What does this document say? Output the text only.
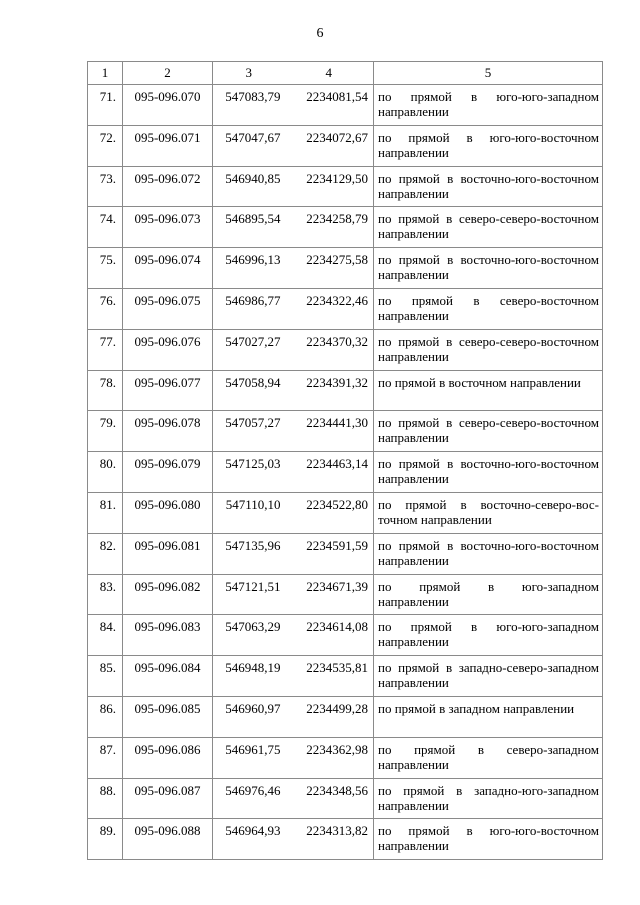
6
1	2	3	4	5
71.	095-096.070	547083,79	2234081,54	по прямой в юго-юго-западном направлении
72.	095-096.071	547047,67	2234072,67	по прямой в юго-юго-восточном направлении
73.	095-096.072	546940,85	2234129,50	по прямой в восточно-юго-восточном направлении
74.	095-096.073	546895,54	2234258,79	по прямой в северо-северо-восточном направлении
75.	095-096.074	546996,13	2234275,58	по прямой в восточно-юго-восточном направлении
76.	095-096.075	546986,77	2234322,46	по прямой в северо-восточном направлении
77.	095-096.076	547027,27	2234370,32	по прямой в северо-северо-восточном направлении
78.	095-096.077	547058,94	2234391,32	по прямой в восточном направлении
79.	095-096.078	547057,27	2234441,30	по прямой в северо-северо-восточном направлении
80.	095-096.079	547125,03	2234463,14	по прямой в восточно-юго-восточном направлении
81.	095-096.080	547110,10	2234522,80	по прямой в восточно-северо-восточном направлении
82.	095-096.081	547135,96	2234591,59	по прямой в восточно-юго-восточном направлении
83.	095-096.082	547121,51	2234671,39	по прямой в юго-западном направлении
84.	095-096.083	547063,29	2234614,08	по прямой в юго-юго-западном направлении
85.	095-096.084	546948,19	2234535,81	по прямой в западно-северо-западном направлении
86.	095-096.085	546960,97	2234499,28	по прямой в западном направлении
87.	095-096.086	546961,75	2234362,98	по прямой в северо-западном направлении
88.	095-096.087	546976,46	2234348,56	по прямой в западно-юго-западном направлении
89.	095-096.088	546964,93	2234313,82	по прямой в юго-юго-восточном направлении
